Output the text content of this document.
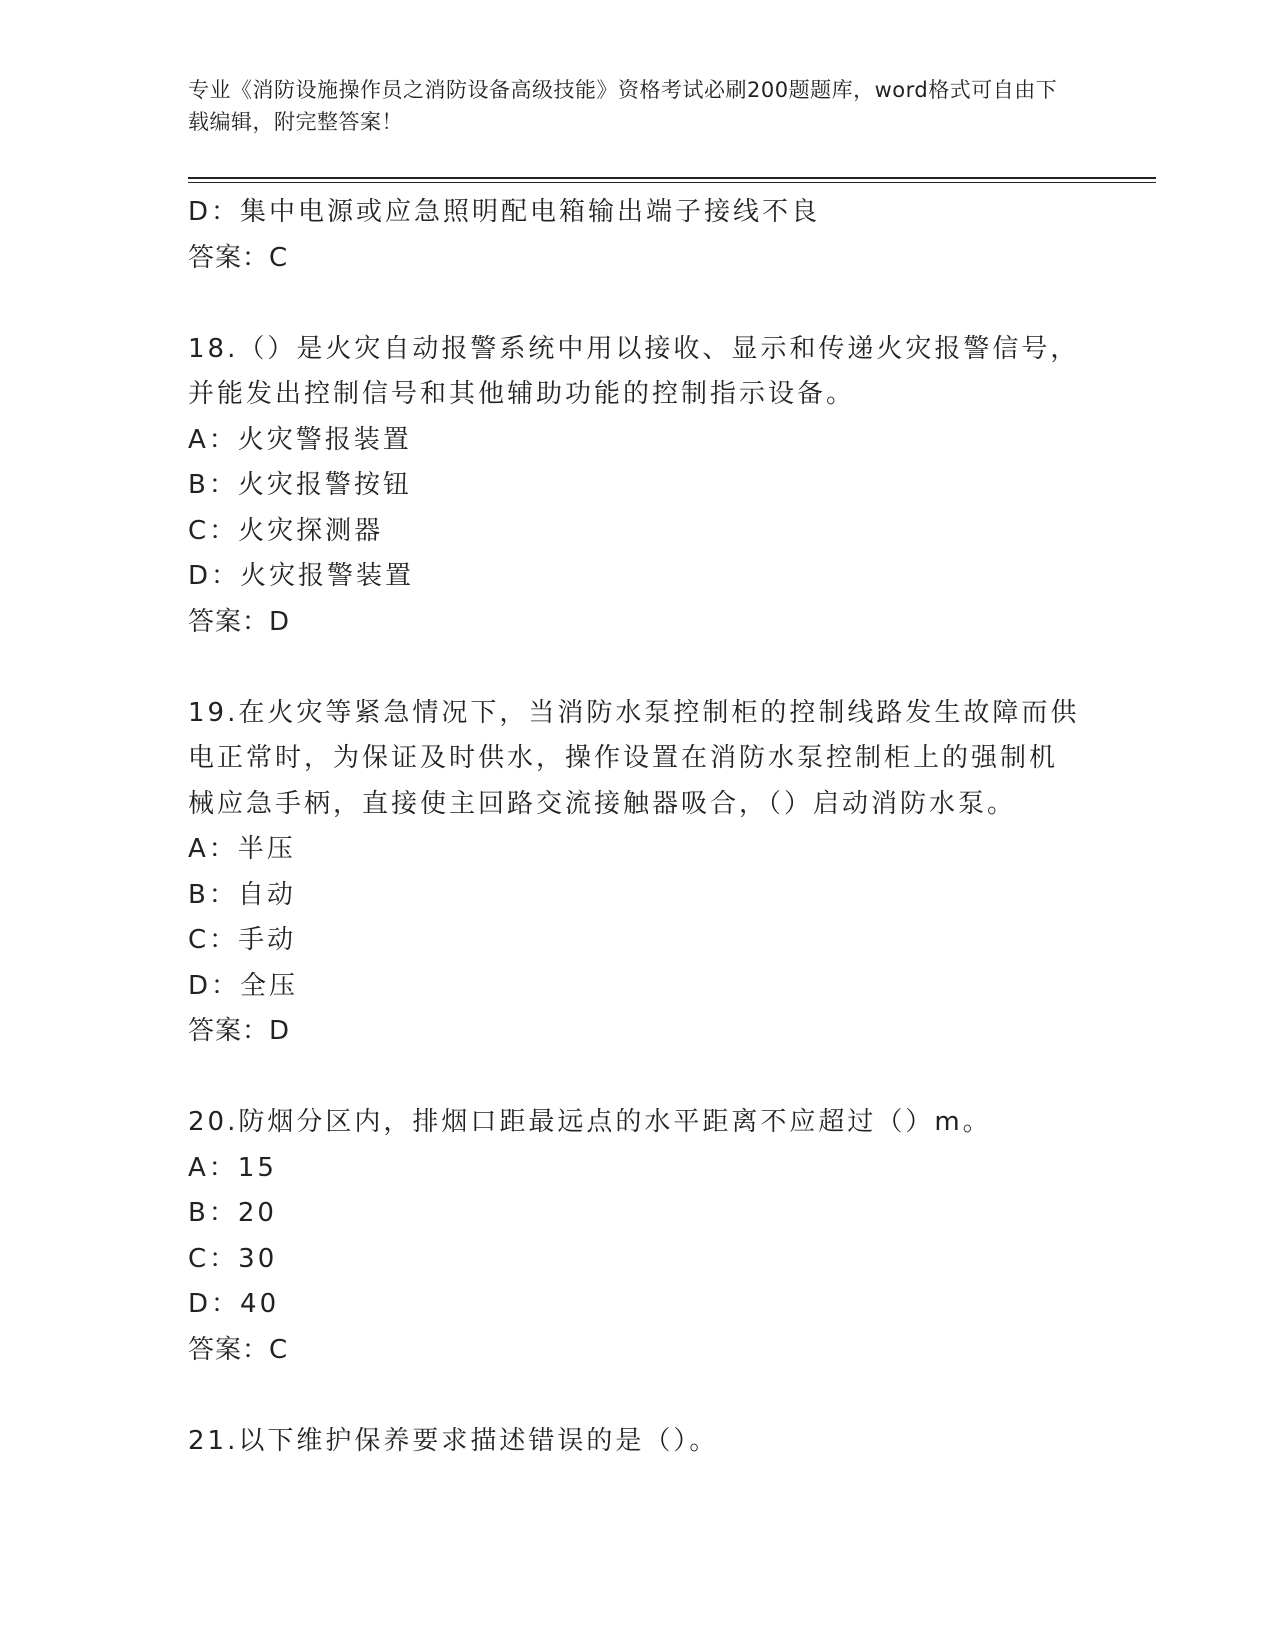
专业《消防设施操作员之消防设备高级技能》资格考试必刷200题题库，word格式可自由下载编辑，附完整答案！
D：集中电源或应急照明配电箱输出端子接线不良
答案：C
18.（）是火灾自动报警系统中用以接收、显示和传递火灾报警信号，
并能发出控制信号和其他辅助功能的控制指示设备。
A：火灾警报装置
B：火灾报警按钮
C：火灾探测器
D：火灾报警装置
答案：D
19.在火灾等紧急情况下，当消防水泵控制柜的控制线路发生故障而供
电正常时，为保证及时供水，操作设置在消防水泵控制柜上的强制机
械应急手柄，直接使主回路交流接触器吸合，（）启动消防水泵。
A：半压
B：自动
C：手动
D：全压
答案：D
20.防烟分区内，排烟口距最远点的水平距离不应超过（）m。
A：15
B：20
C：30
D：40
答案：C
21.以下维护保养要求描述错误的是（）。
